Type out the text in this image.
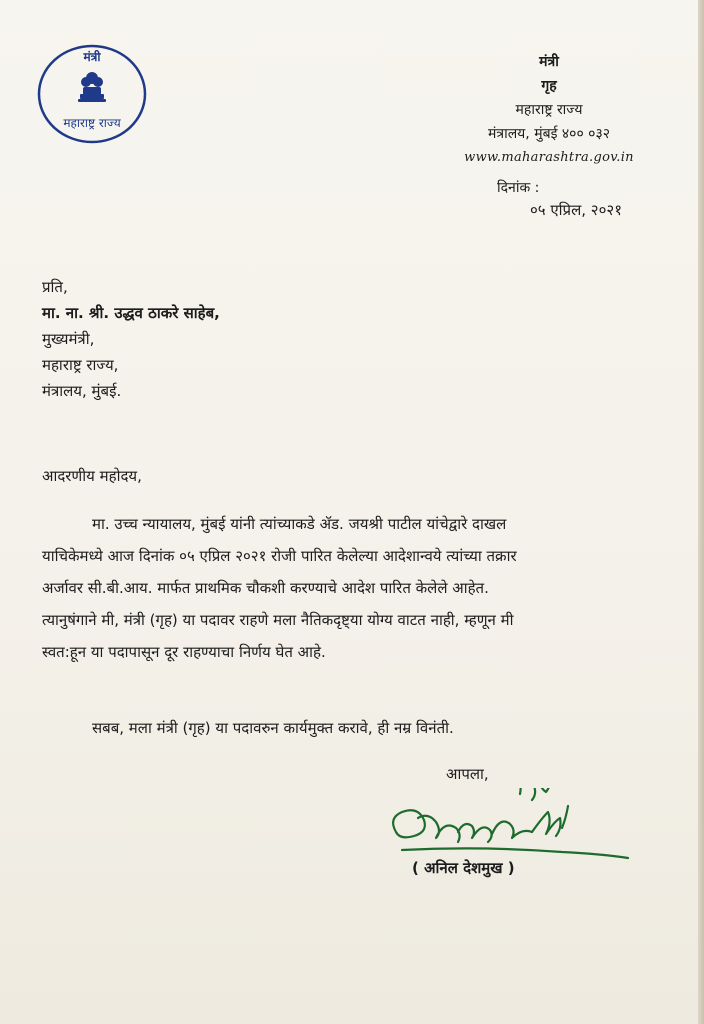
मंत्री
महाराष्ट्र राज्य
मंत्री
गृह
महाराष्ट्र राज्य
मंत्रालय, मुंबई ४०० ०३२
www.maharashtra.gov.in
दिनांक :
०५ एप्रिल, २०२१
प्रति,
मा. ना. श्री. उद्धव ठाकरे साहेब,
मुख्यमंत्री,
महाराष्ट्र राज्य,
मंत्रालय, मुंबई.
आदरणीय महोदय,
मा. उच्च न्यायालय, मुंबई यांनी त्यांच्याकडे ॲड. जयश्री पाटील यांचेद्वारे दाखल
याचिकेमध्ये आज दिनांक ०५ एप्रिल २०२१ रोजी पारित केलेल्या आदेशान्वये त्यांच्या तक्रार
अर्जावर सी.बी.आय. मार्फत प्राथमिक चौकशी करण्याचे आदेश पारित केलेले आहेत.
त्यानुषंगाने मी, मंत्री (गृह) या पदावर राहणे मला नैतिकदृष्ट्या योग्य वाटत नाही, म्हणून मी
स्वत:हून या पदापासून दूर राहण्याचा निर्णय घेत आहे.
सबब, मला मंत्री (गृह) या पदावरुन कार्यमुक्त करावे, ही नम्र विनंती.
आपला,
( अनिल देशमुख )
